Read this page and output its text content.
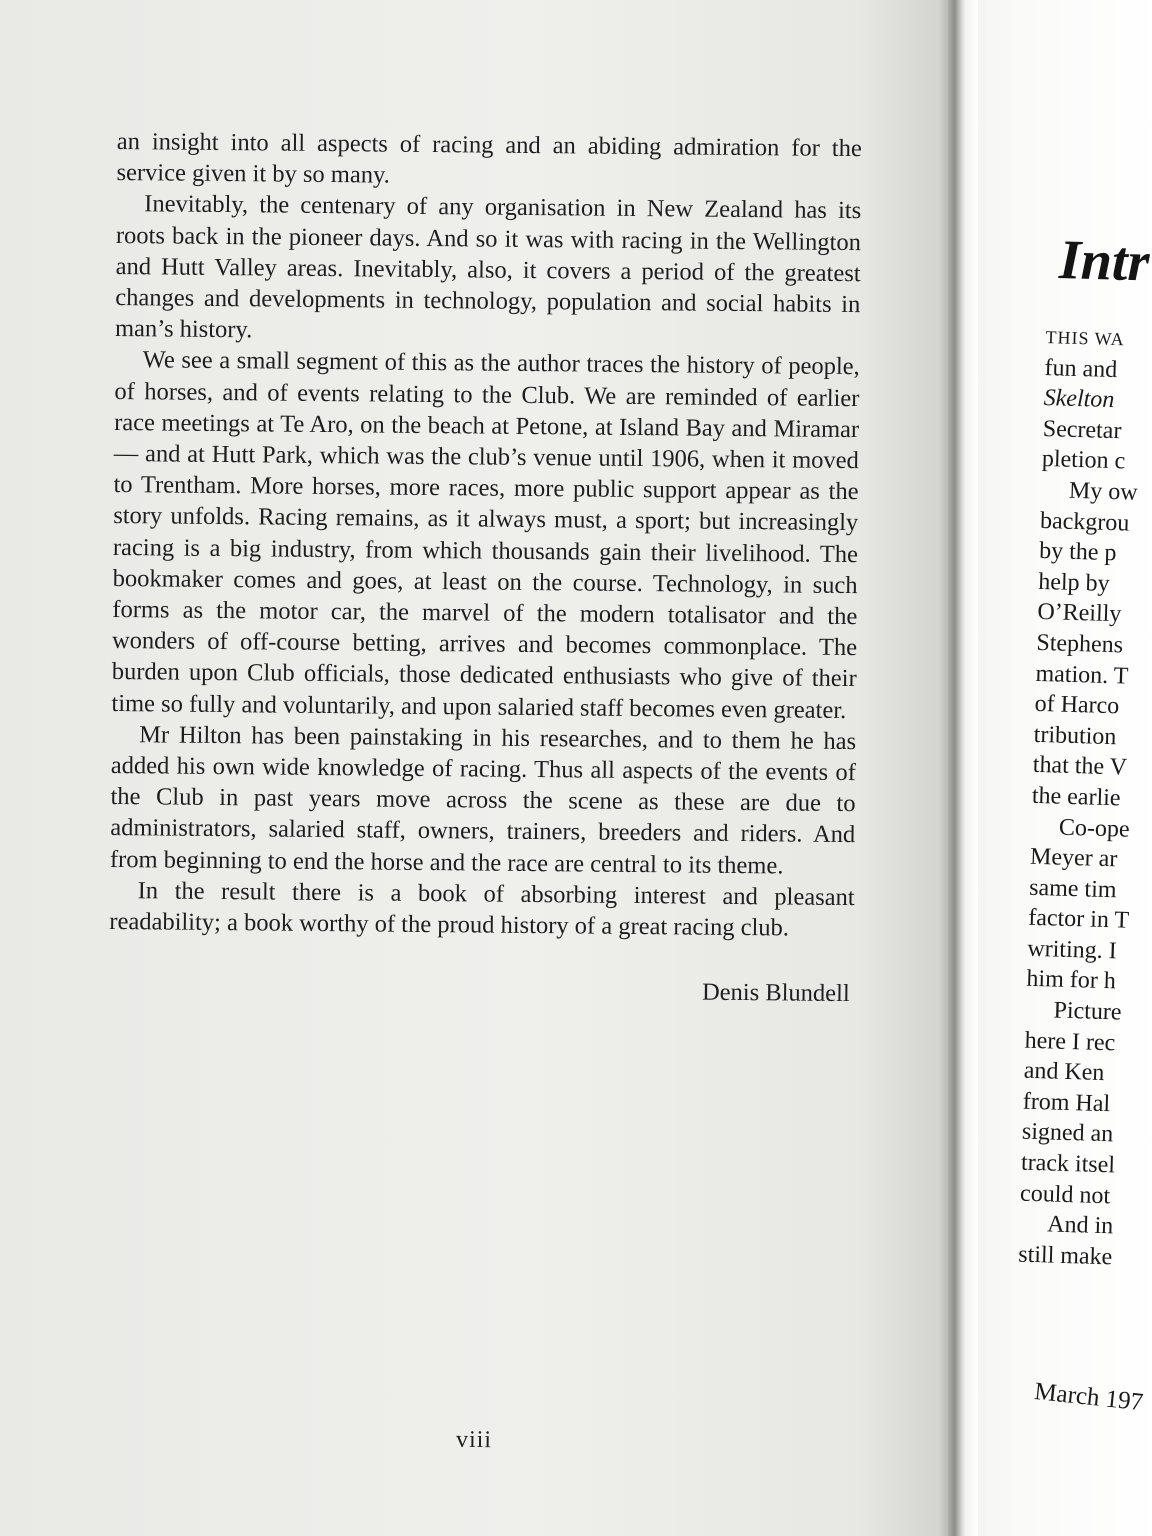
an insight into all aspects of racing and an abiding admiration for the service given it by so many.

Inevitably, the centenary of any organisation in New Zealand has its roots back in the pioneer days. And so it was with racing in the Wellington and Hutt Valley areas. Inevitably, also, it covers a period of the greatest changes and developments in technology, population and social habits in man’s history.

We see a small segment of this as the author traces the history of people, of horses, and of events relating to the Club. We are reminded of earlier race meetings at Te Aro, on the beach at Petone, at Island Bay and Miramar — and at Hutt Park, which was the club’s venue until 1906, when it moved to Trentham. More horses, more races, more public support appear as the story unfolds. Racing remains, as it always must, a sport; but increasingly racing is a big industry, from which thousands gain their livelihood. The bookmaker comes and goes, at least on the course. Technology, in such forms as the motor car, the marvel of the modern totalisator and the wonders of off-course betting, arrives and becomes commonplace. The burden upon Club officials, those dedicated enthusiasts who give of their time so fully and voluntarily, and upon salaried staff becomes even greater.

Mr Hilton has been painstaking in his researches, and to them he has added his own wide knowledge of racing. Thus all aspects of the events of the Club in past years move across the scene as these are due to administrators, salaried staff, owners, trainers, breeders and riders. And from beginning to end the horse and the race are central to its theme.

In the result there is a book of absorbing interest and pleasant readability; a book worthy of the proud history of a great racing club.

Denis Blundell

viii
Intr
THIS WA
fun and
Skelton
Secretar
pletion c
My ow
backgrou
by the p
help by
O’Reilly
Stephens
mation. T
of Harco
tribution
that the V
the earlie
Co-ope
Meyer ar
same tim
factor in T
writing. I
him for h
Picture
here I rec
and Ken
from Hal
signed an
track itsel
could not
And in
still make
March 197
